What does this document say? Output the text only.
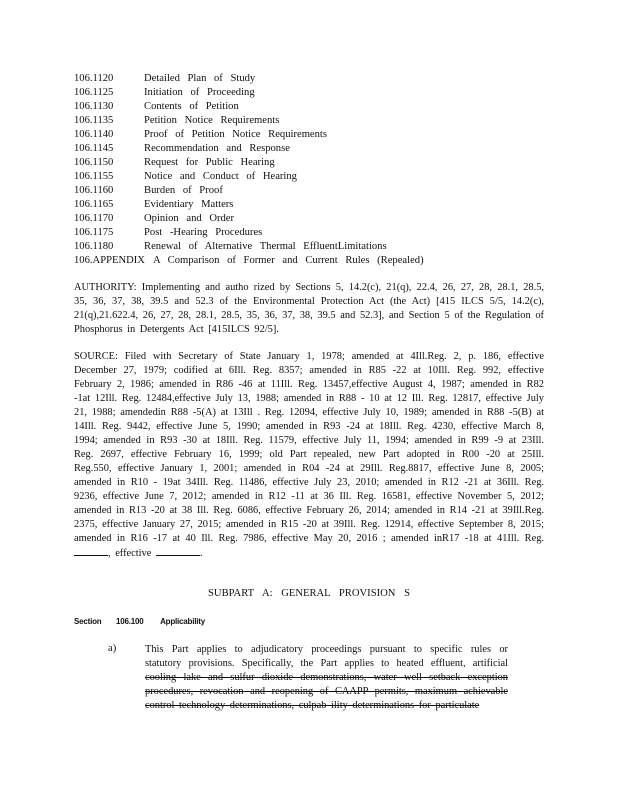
106.1120	Detailed Plan of Study
106.1125	Initiation of Proceeding
106.1130	Contents of Petition
106.1135	Petition Notice Requirements
106.1140	Proof of Petition Notice Requirements
106.1145	Recommendation and Response
106.1150	Request for Public Hearing
106.1155	Notice and Conduct of Hearing
106.1160	Burden of Proof
106.1165	Evidentiary Matters
106.1170	Opinion and Order
106.1175	Post -Hearing Procedures
106.1180	Renewal of Alternative Thermal EffluentLimitations
106.APPENDIX A Comparison of Former and Current Rules (Repealed)
AUTHORITY: Implementing and autho rized by Sections 5, 14.2(c), 21(q), 22.4, 26, 27, 28, 28.1, 28.5, 35, 36, 37, 38, 39.5 and 52.3 of the Environmental Protection Act (the Act) [415 ILCS 5/5, 14.2(c), 21(q),21.622.4, 26, 27, 28, 28.1, 28.5, 35, 36, 37, 38, 39.5 and 52.3], and Section 5 of the Regulation of Phosphorus in Detergents Act [415ILCS 92/5].
SOURCE: Filed with Secretary of State January 1, 1978; amended at 4Ill.Reg. 2, p. 186, effective December 27, 1979; codified at 6Ill. Reg. 8357; amended in R85 -22 at 10Ill. Reg. 992, effective February 2, 1986; amended in R86 -46 at 11Ill. Reg. 13457,effective August 4, 1987; amended in R82 -1at 12Ill. Reg. 12484,effective July 13, 1988; amended in R88 - 10 at 12 Ill. Reg. 12817, effective July 21, 1988; amendedin R88 -5(A) at 13Ill . Reg. 12094, effective July 10, 1989; amended in R88 -5(B) at 14Ill. Reg. 9442, effective June 5, 1990; amended in R93 -24 at 18Ill. Reg. 4230, effective March 8, 1994; amended in R93 -30 at 18Ill. Reg. 11579, effective July 11, 1994; amended in R99 -9 at 23Ill. Reg. 2697, effective February 16, 1999; old Part repealed, new Part adopted in R00 -20 at 25Ill. Reg.550, effective January 1, 2001; amended in R04 -24 at 29Ill. Reg.8817, effective June 8, 2005; amended in R10 - 19at 34Ill. Reg. 11486, effective July 23, 2010; amended in R12 -21 at 36Ill. Reg. 9236, effective June 7, 2012; amended in R12 -11 at 36 Ill. Reg. 16581, effective November 5, 2012; amended in R13 -20 at 38 Ill. Reg. 6086, effective February 26, 2014; amended in R14 -21 at 39Ill.Reg. 2375, effective January 27, 2015; amended in R15 -20 at 39Ill. Reg. 12914, effective September 8, 2015; amended in R16 -17 at 40 Ill. Reg. 7986, effective May 20, 2016 ; amended inR17 -18 at 41Ill. Reg., effective	.
SUBPART A: GENERAL PROVISION S
Section 106.100 Applicability
a)	This Part applies to adjudicatory proceedings pursuant to specific rules or statutory provisions. Specifically, the Part applies to heated effluent, artificial cooling lake and sulfur dioxide demonstrations, water well setback exception procedures, revocation and reopening of CAAPP permits, maximum achievable control technology determinations, culpab ility determinations for particulate
